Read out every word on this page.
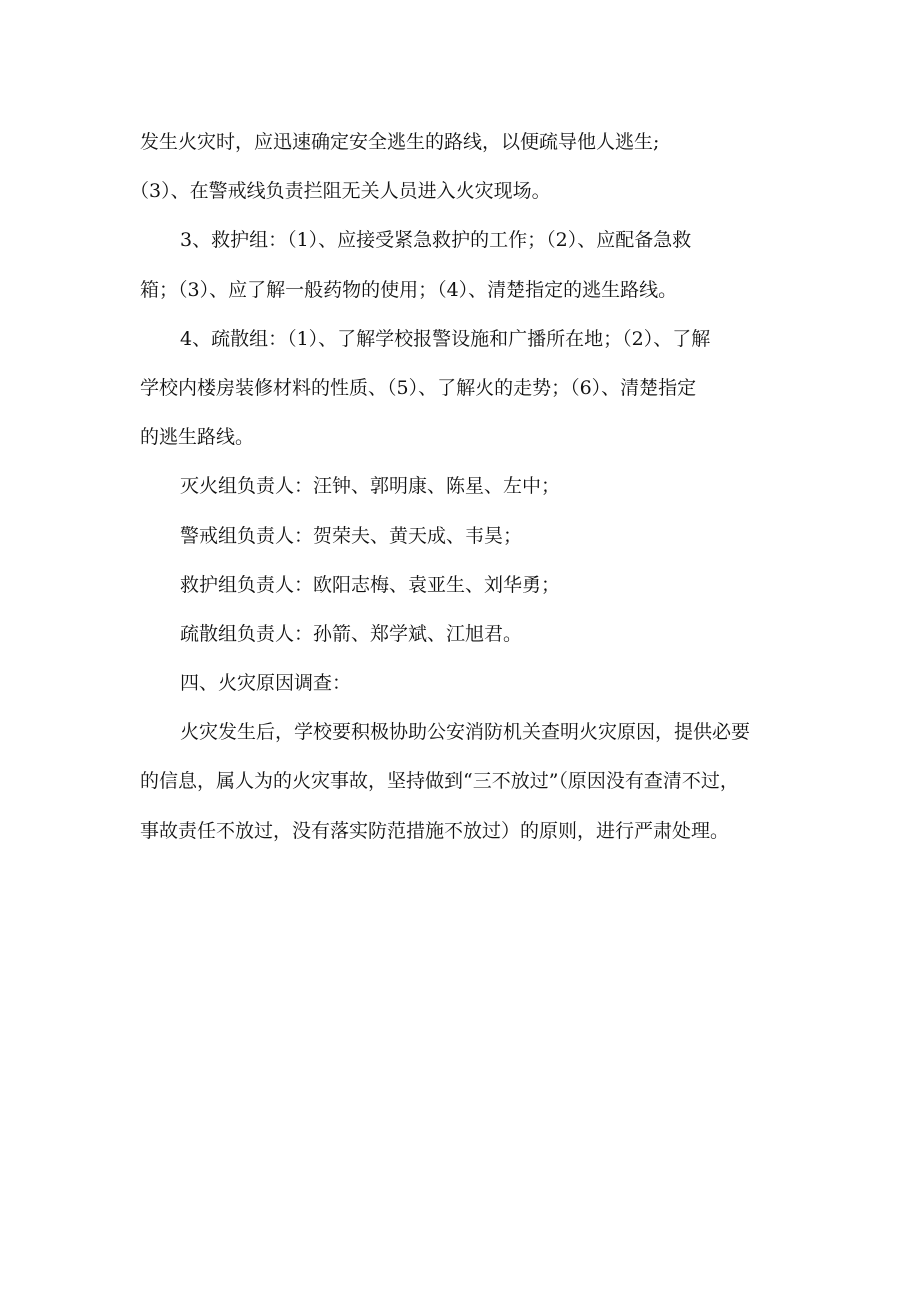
发生火灾时，应迅速确定安全逃生的路线，以便疏导他人逃生;
（3）、在警戒线负责拦阻无关人员进入火灾现场。
3、救护组：（1）、应接受紧急救护的工作；（2）、应配备急救
箱；（3）、应了解一般药物的使用；（4）、清楚指定的逃生路线。
4、疏散组：（1）、了解学校报警设施和广播所在地；（2）、了解
学校内楼房装修材料的性质、（5）、了解火的走势；（6）、清楚指定
的逃生路线。
灭火组负责人：汪钟、郭明康、陈星、左中；
警戒组负责人：贺荣夫、黄天成、韦昊；
救护组负责人：欧阳志梅、袁亚生、刘华勇；
疏散组负责人：孙箭、郑学斌、江旭君。
四、火灾原因调查：
火灾发生后，学校要积极协助公安消防机关查明火灾原因，提供必要
的信息，属人为的火灾事故，坚持做到“三不放过”（原因没有查清不过，
事故责任不放过，没有落实防范措施不放过）的原则，进行严肃处理。
